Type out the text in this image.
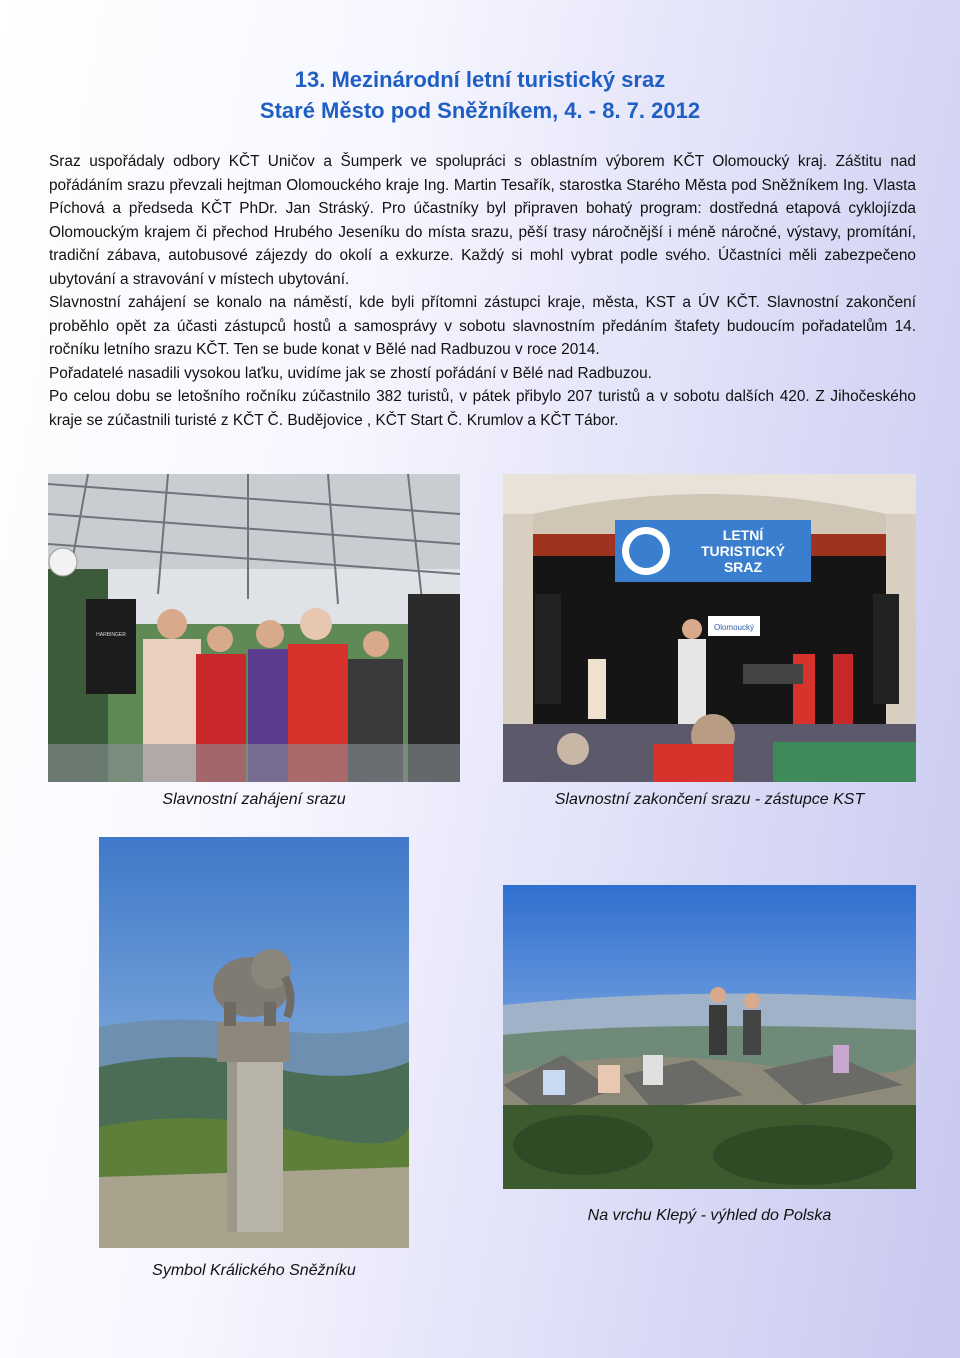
13. Mezinárodní letní turistický sraz
Staré Město pod Sněžníkem, 4. - 8. 7. 2012

Sraz uspořádaly odbory KČT Uničov a Šumperk ve spolupráci s oblastním výborem KČT Olomoucký kraj. Záštitu nad pořádáním srazu převzali hejtman Olomouckého kraje Ing. Martin Tesařík, starostka Starého Města pod Sněžníkem Ing. Vlasta Píchová a předseda KČT PhDr. Jan Stráský. Pro účastníky byl připraven bohatý program: dostředná etapová cyklojízda Olomouckým krajem či přechod Hrubého Jeseníku do místa srazu, pěší trasy náročnější i méně náročné, výstavy, promítání, tradiční zábava, autobusové zájezdy do okolí a exkurze. Každý si mohl vybrat podle svého. Účastníci měli zabezpečeno ubytování a stravování v místech ubytování.

Slavnostní zahájení se konalo na náměstí, kde byli přítomni zástupci kraje, města, KST a ÚV KČT. Slavnostní zakončení proběhlo opět za účasti zástupců hostů a samosprávy v sobotu slavnostním předáním štafety budoucím pořadatelům 14. ročníku letního srazu KČT. Ten se bude konat v Bělé nad Radbuzou v roce 2014.

Pořadatelé nasadili vysokou laťku, uvidíme jak se zhostí pořádání v Bělé nad Radbuzou.

Po celou dobu se letošního ročníku zúčastnilo 382 turistů, v pátek přibylo 207 turistů a v sobotu dalších 420. Z Jihočeského kraje se zúčastnili turisté z KČT Č. Budějovice , KČT Start Č. Krumlov a KČT Tábor.

HARBINGER
Slavnostní zahájení srazu
LETNÍ
TURISTICKÝ
SRAZ
Olomoucký
Slavnostní zakončení srazu - zástupce KST
Symbol Králického Sněžníku
Na vrchu Klepý - výhled do Polska
